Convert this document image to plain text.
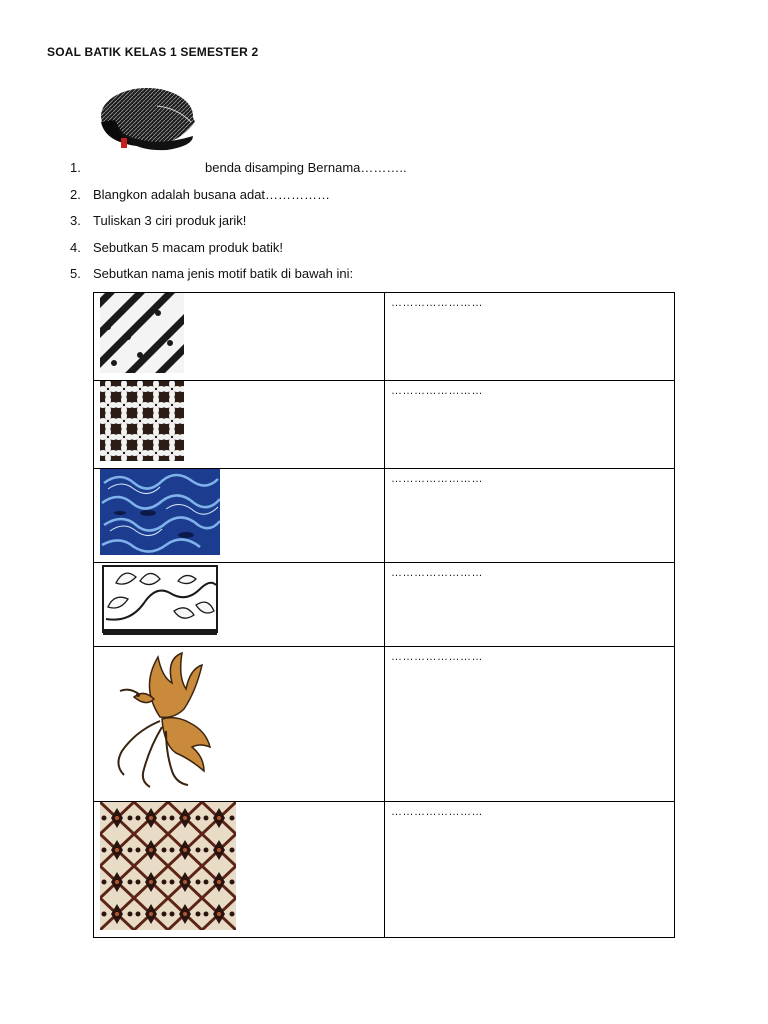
SOAL BATIK KELAS 1 SEMESTER 2
1.	benda disamping Bernama………..
2. Blangkon adalah busana adat……………
3. Tuliskan 3 ciri produk jarik!
4. Sebutkan 5 macam produk batik!
5. Sebutkan nama jenis motif batik di bawah ini:

……………………

……………………

……………………

……………………

……………………

……………………
